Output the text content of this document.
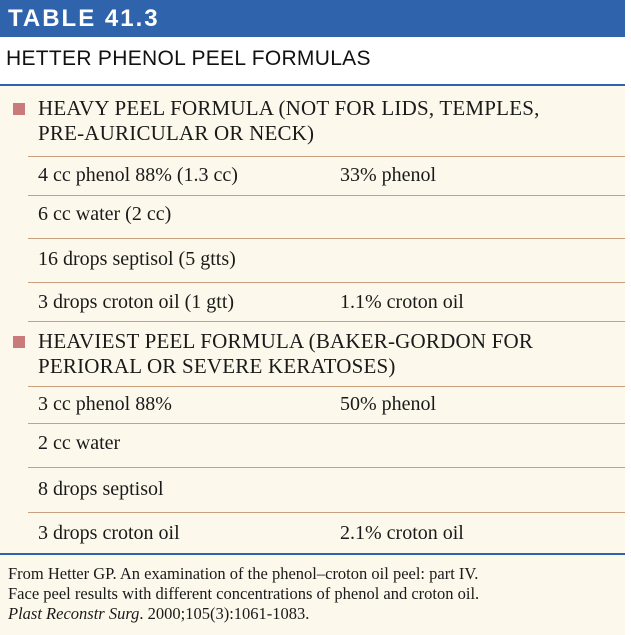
TABLE 41.3
HETTER PHENOL PEEL FORMULAS
HEAVY PEEL FORMULA (NOT FOR LIDS, TEMPLES,
PRE-AURICULAR OR NECK)
4 cc phenol 88% (1.3 cc)	33% phenol
6 cc water (2 cc)
16 drops septisol (5 gtts)
3 drops croton oil (1 gtt)	1.1% croton oil
HEAVIEST PEEL FORMULA (BAKER-GORDON FOR
PERIORAL OR SEVERE KERATOSES)
3 cc phenol 88%	50% phenol
2 cc water
8 drops septisol
3 drops croton oil	2.1% croton oil
From Hetter GP. An examination of the phenol–croton oil peel: part IV.
Face peel results with different concentrations of phenol and croton oil.
Plast Reconstr Surg. 2000;105(3):1061-1083.
